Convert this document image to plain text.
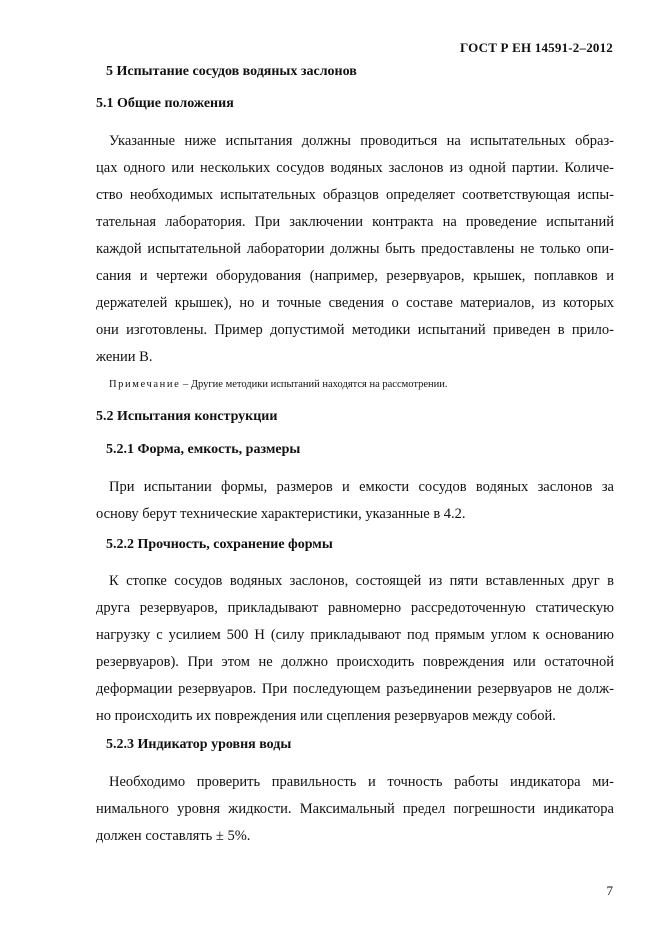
ГОСТ Р ЕН 14591-2–2012
5 Испытание сосудов водяных заслонов
5.1 Общие положения
Указанные ниже испытания должны проводиться на испытательных образ-
цах одного или нескольких сосудов водяных заслонов из одной партии. Количе-
ство необходимых испытательных образцов определяет соответствующая испы-
тательная лаборатория. При заключении контракта на проведение испытаний
каждой испытательной лаборатории должны быть предоставлены не только опи-
сания и чертежи оборудования (например, резервуаров, крышек, поплавков и
держателей крышек), но и точные сведения о составе материалов, из которых
они изготовлены. Пример допустимой методики испытаний приведен в прило-
жении В.
Примечание – Другие методики испытаний находятся на рассмотрении.
5.2 Испытания конструкции
5.2.1 Форма, емкость, размеры
При испытании формы, размеров и емкости сосудов водяных заслонов за
основу берут технические характеристики, указанные в 4.2.
5.2.2 Прочность, сохранение формы
К стопке сосудов водяных заслонов, состоящей из пяти вставленных друг в
друга резервуаров, прикладывают равномерно рассредоточенную статическую
нагрузку с усилием 500 Н (силу прикладывают под прямым углом к основанию
резервуаров). При этом не должно происходить повреждения или остаточной
деформации резервуаров. При последующем разъединении резервуаров не долж-
но происходить их повреждения или сцепления резервуаров между собой.
5.2.3 Индикатор уровня воды
Необходимо проверить правильность и точность работы индикатора ми-
нимального уровня жидкости. Максимальный предел погрешности индикатора
должен составлять ± 5%.
7
